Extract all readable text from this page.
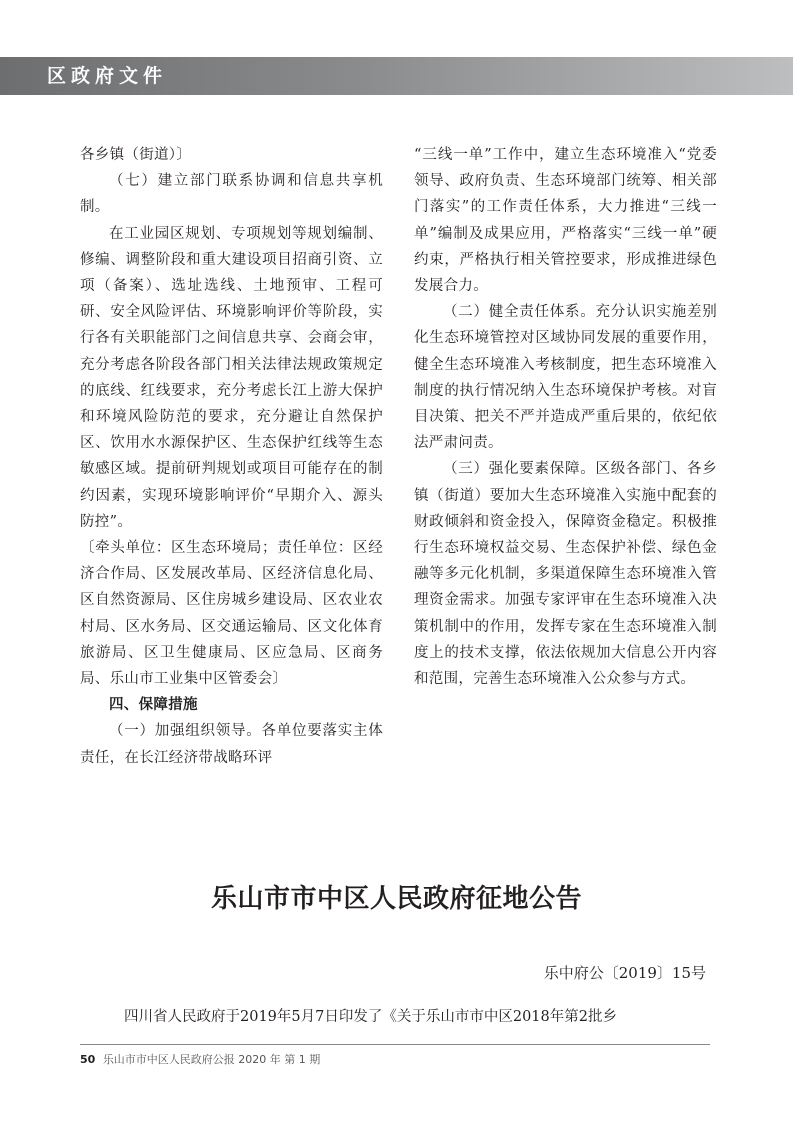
区政府文件

各乡镇（街道）〕

（七）建立部门联系协调和信息共享机制。

在工业园区规划、专项规划等规划编制、修编、调整阶段和重大建设项目招商引资、立项（备案）、选址选线、土地预审、工程可研、安全风险评估、环境影响评价等阶段，实行各有关职能部门之间信息共享、会商会审，充分考虑各阶段各部门相关法律法规政策规定的底线、红线要求，充分考虑长江上游大保护和环境风险防范的要求，充分避让自然保护区、饮用水水源保护区、生态保护红线等生态敏感区域。提前研判规划或项目可能存在的制约因素，实现环境影响评价“早期介入、源头防控”。

〔牵头单位：区生态环境局；责任单位：区经济合作局、区发展改革局、区经济信息化局、区自然资源局、区住房城乡建设局、区农业农村局、区水务局、区交通运输局、区文化体育旅游局、区卫生健康局、区应急局、区商务局、乐山市工业集中区管委会〕

四、保障措施

（一）加强组织领导。各单位要落实主体责任，在长江经济带战略环评

“三线一单”工作中，建立生态环境准入“党委领导、政府负责、生态环境部门统筹、相关部门落实”的工作责任体系，大力推进“三线一单”编制及成果应用，严格落实“三线一单”硬约束，严格执行相关管控要求，形成推进绿色发展合力。

（二）健全责任体系。充分认识实施差别化生态环境管控对区域协同发展的重要作用，健全生态环境准入考核制度，把生态环境准入制度的执行情况纳入生态环境保护考核。对盲目决策、把关不严并造成严重后果的，依纪依法严肃问责。

（三）强化要素保障。区级各部门、各乡镇（街道）要加大生态环境准入实施中配套的财政倾斜和资金投入，保障资金稳定。积极推行生态环境权益交易、生态保护补偿、绿色金融等多元化机制，多渠道保障生态环境准入管理资金需求。加强专家评审在生态环境准入决策机制中的作用，发挥专家在生态环境准入制度上的技术支撑，依法依规加大信息公开内容和范围，完善生态环境准入公众参与方式。

乐山市市中区人民政府征地公告
乐中府公〔2019〕15号
四川省人民政府于2019年5月7日印发了《关于乐山市市中区2018年第2批乡
50 乐山市市中区人民政府公报 2020 年 第 1 期
